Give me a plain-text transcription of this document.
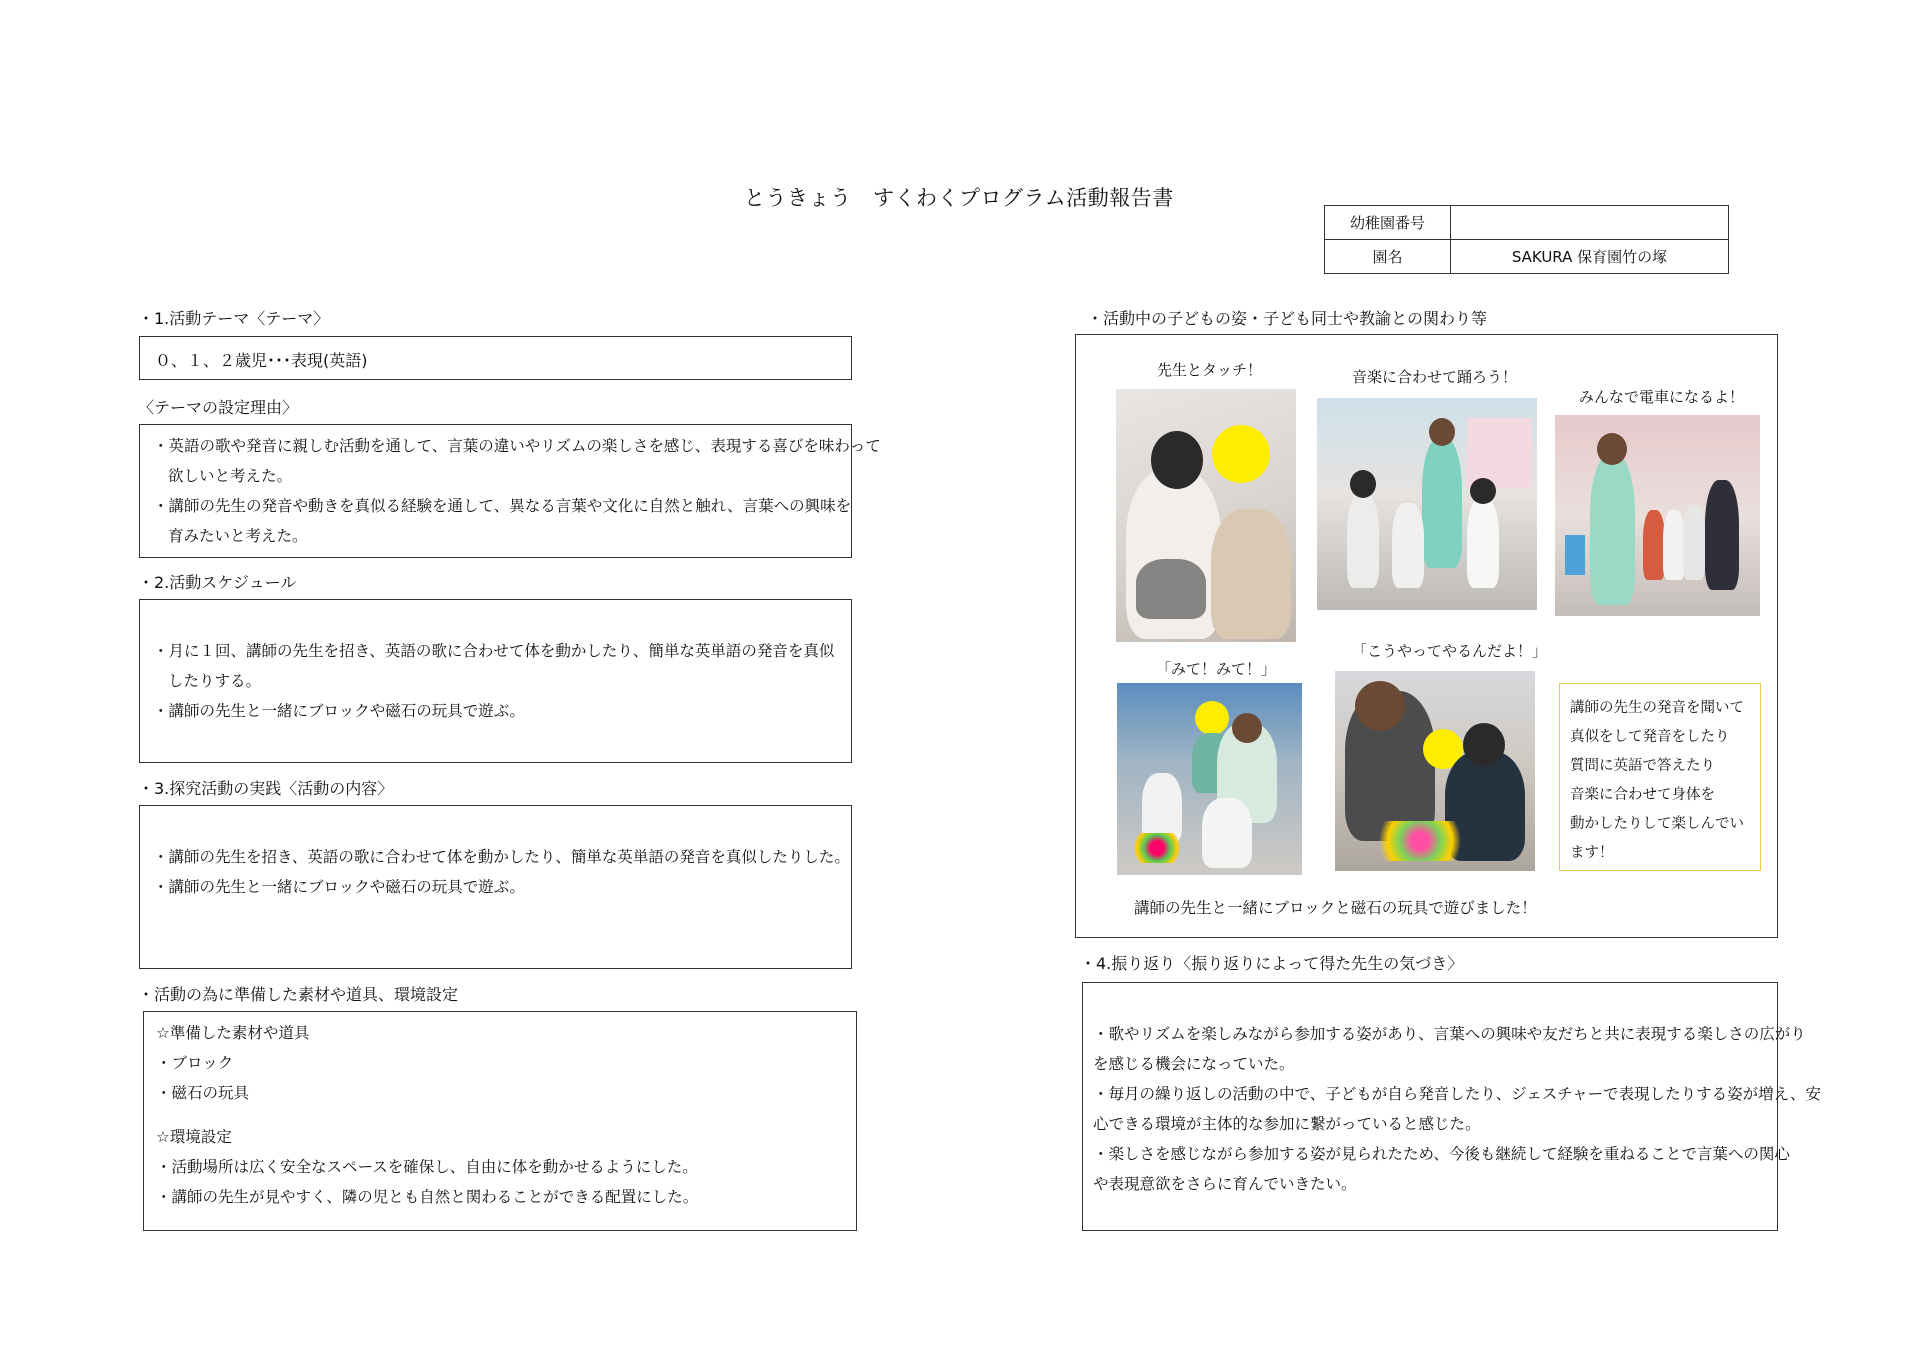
とうきょう　すくわくプログラム活動報告書
幼稚園番号	
園名	SAKURA 保育園竹の塚
・1.活動テーマ〈テーマ〉
０、１、２歳児･･･表現(英語)
〈テーマの設定理由〉
・英語の歌や発音に親しむ活動を通して、言葉の違いやリズムの楽しさを感じ、表現する喜びを味わって
欲しいと考えた。
・講師の先生の発音や動きを真似る経験を通して、異なる言葉や文化に自然と触れ、言葉への興味を
育みたいと考えた。
・2.活動スケジュール
・月に１回、講師の先生を招き、英語の歌に合わせて体を動かしたり、簡単な英単語の発音を真似
したりする。
・講師の先生と一緒にブロックや磁石の玩具で遊ぶ。
・3.探究活動の実践〈活動の内容〉
・講師の先生を招き、英語の歌に合わせて体を動かしたり、簡単な英単語の発音を真似したりした。
・講師の先生と一緒にブロックや磁石の玩具で遊ぶ。
・活動の為に準備した素材や道具、環境設定
☆準備した素材や道具
・ブロック
・磁石の玩具
☆環境設定
・活動場所は広く安全なスペースを確保し、自由に体を動かせるようにした。
・講師の先生が見やすく、隣の児とも自然と関わることができる配置にした。
・活動中の子どもの姿・子ども同士や教諭との関わり等
先生とタッチ！	音楽に合わせて踊ろう！
みんなで電車になるよ！
「みて！みて！」
「こうやってやるんだよ！」
講師の先生の発音を聞いて
真似をして発音をしたり
質問に英語で答えたり
音楽に合わせて身体を
動かしたりして楽しんでい
ます！
講師の先生と一緒にブロックと磁石の玩具で遊びました！
・4.振り返り〈振り返りによって得た先生の気づき〉
・歌やリズムを楽しみながら参加する姿があり、言葉への興味や友だちと共に表現する楽しさの広がり
を感じる機会になっていた。
・毎月の繰り返しの活動の中で、子どもが自ら発音したり、ジェスチャーで表現したりする姿が増え、安
心できる環境が主体的な参加に繋がっていると感じた。
・楽しさを感じながら参加する姿が見られたため、今後も継続して経験を重ねることで言葉への関心
や表現意欲をさらに育んでいきたい。
